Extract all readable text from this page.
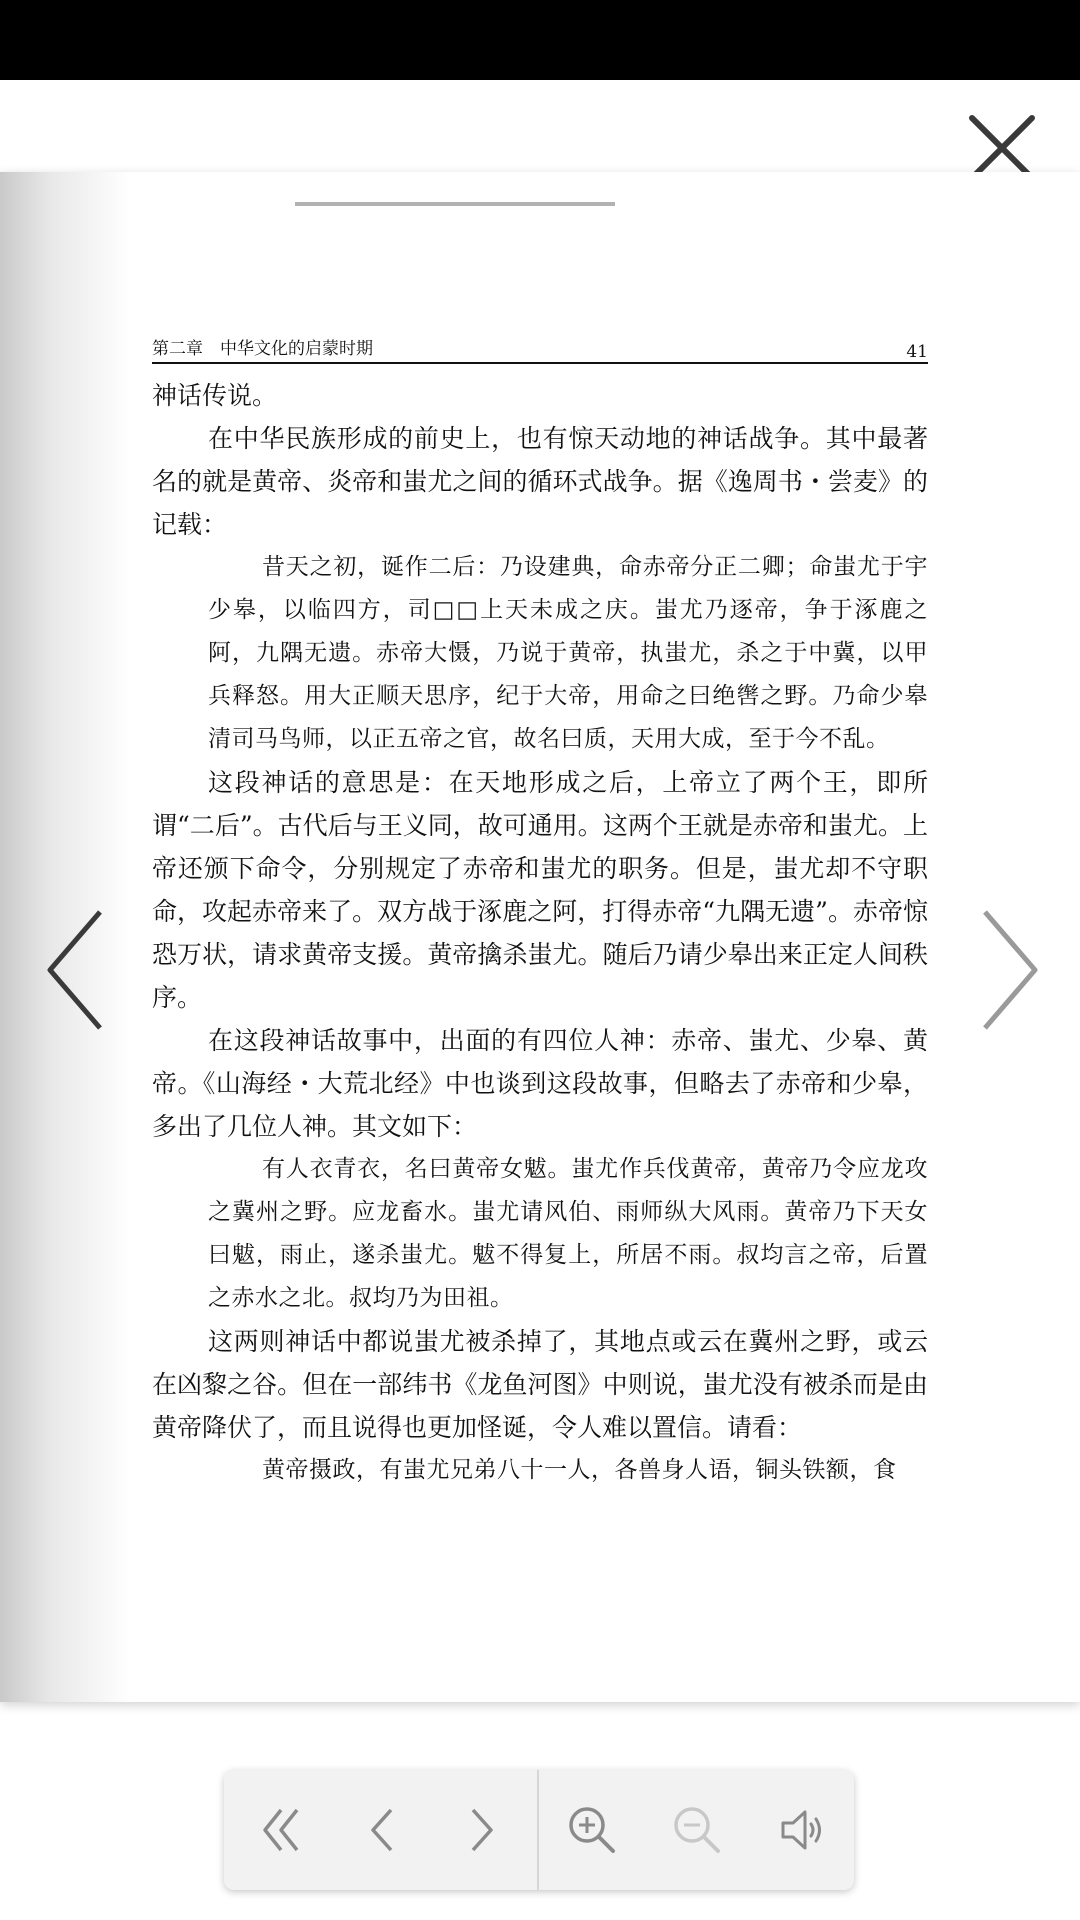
第二章　中华文化的启蒙时期	41

神话传说。

在中华民族形成的前史上，也有惊天动地的神话战争。其中最著名的就是黄帝、炎帝和蚩尤之间的循环式战争。据《逸周书・尝麦》的记载：

昔天之初，诞作二后：乃设建典，命赤帝分正二卿；命蚩尤于宇少皋，以临四方，司□□上天未成之庆。蚩尤乃逐帝，争于涿鹿之阿，九隅无遗。赤帝大慑，乃说于黄帝，执蚩尤，杀之于中冀，以甲兵释怒。用大正顺天思序，纪于大帝，用命之曰绝辔之野。乃命少皋清司马鸟师，以正五帝之官，故名曰质，天用大成，至于今不乱。

这段神话的意思是：在天地形成之后，上帝立了两个王，即所谓“二后”。古代后与王义同，故可通用。这两个王就是赤帝和蚩尤。上帝还颁下命令，分别规定了赤帝和蚩尤的职务。但是，蚩尤却不守职命，攻起赤帝来了。双方战于涿鹿之阿，打得赤帝“九隅无遗”。赤帝惊恐万状，请求黄帝支援。黄帝擒杀蚩尤。随后乃请少皋出来正定人间秩序。

在这段神话故事中，出面的有四位人神：赤帝、蚩尤、少皋、黄帝。《山海经・大荒北经》中也谈到这段故事，但略去了赤帝和少皋，多出了几位人神。其文如下：

有人衣青衣，名曰黄帝女魃。蚩尤作兵伐黄帝，黄帝乃令应龙攻之冀州之野。应龙畜水。蚩尤请风伯、雨师纵大风雨。黄帝乃下天女曰魃，雨止，遂杀蚩尤。魃不得复上，所居不雨。叔均言之帝，后置之赤水之北。叔均乃为田祖。

这两则神话中都说蚩尤被杀掉了，其地点或云在冀州之野，或云在凶黎之谷。但在一部纬书《龙鱼河图》中则说，蚩尤没有被杀而是由黄帝降伏了，而且说得也更加怪诞，令人难以置信。请看：

黄帝摄政，有蚩尤兄弟八十一人，各兽身人语，铜头铁额，食
